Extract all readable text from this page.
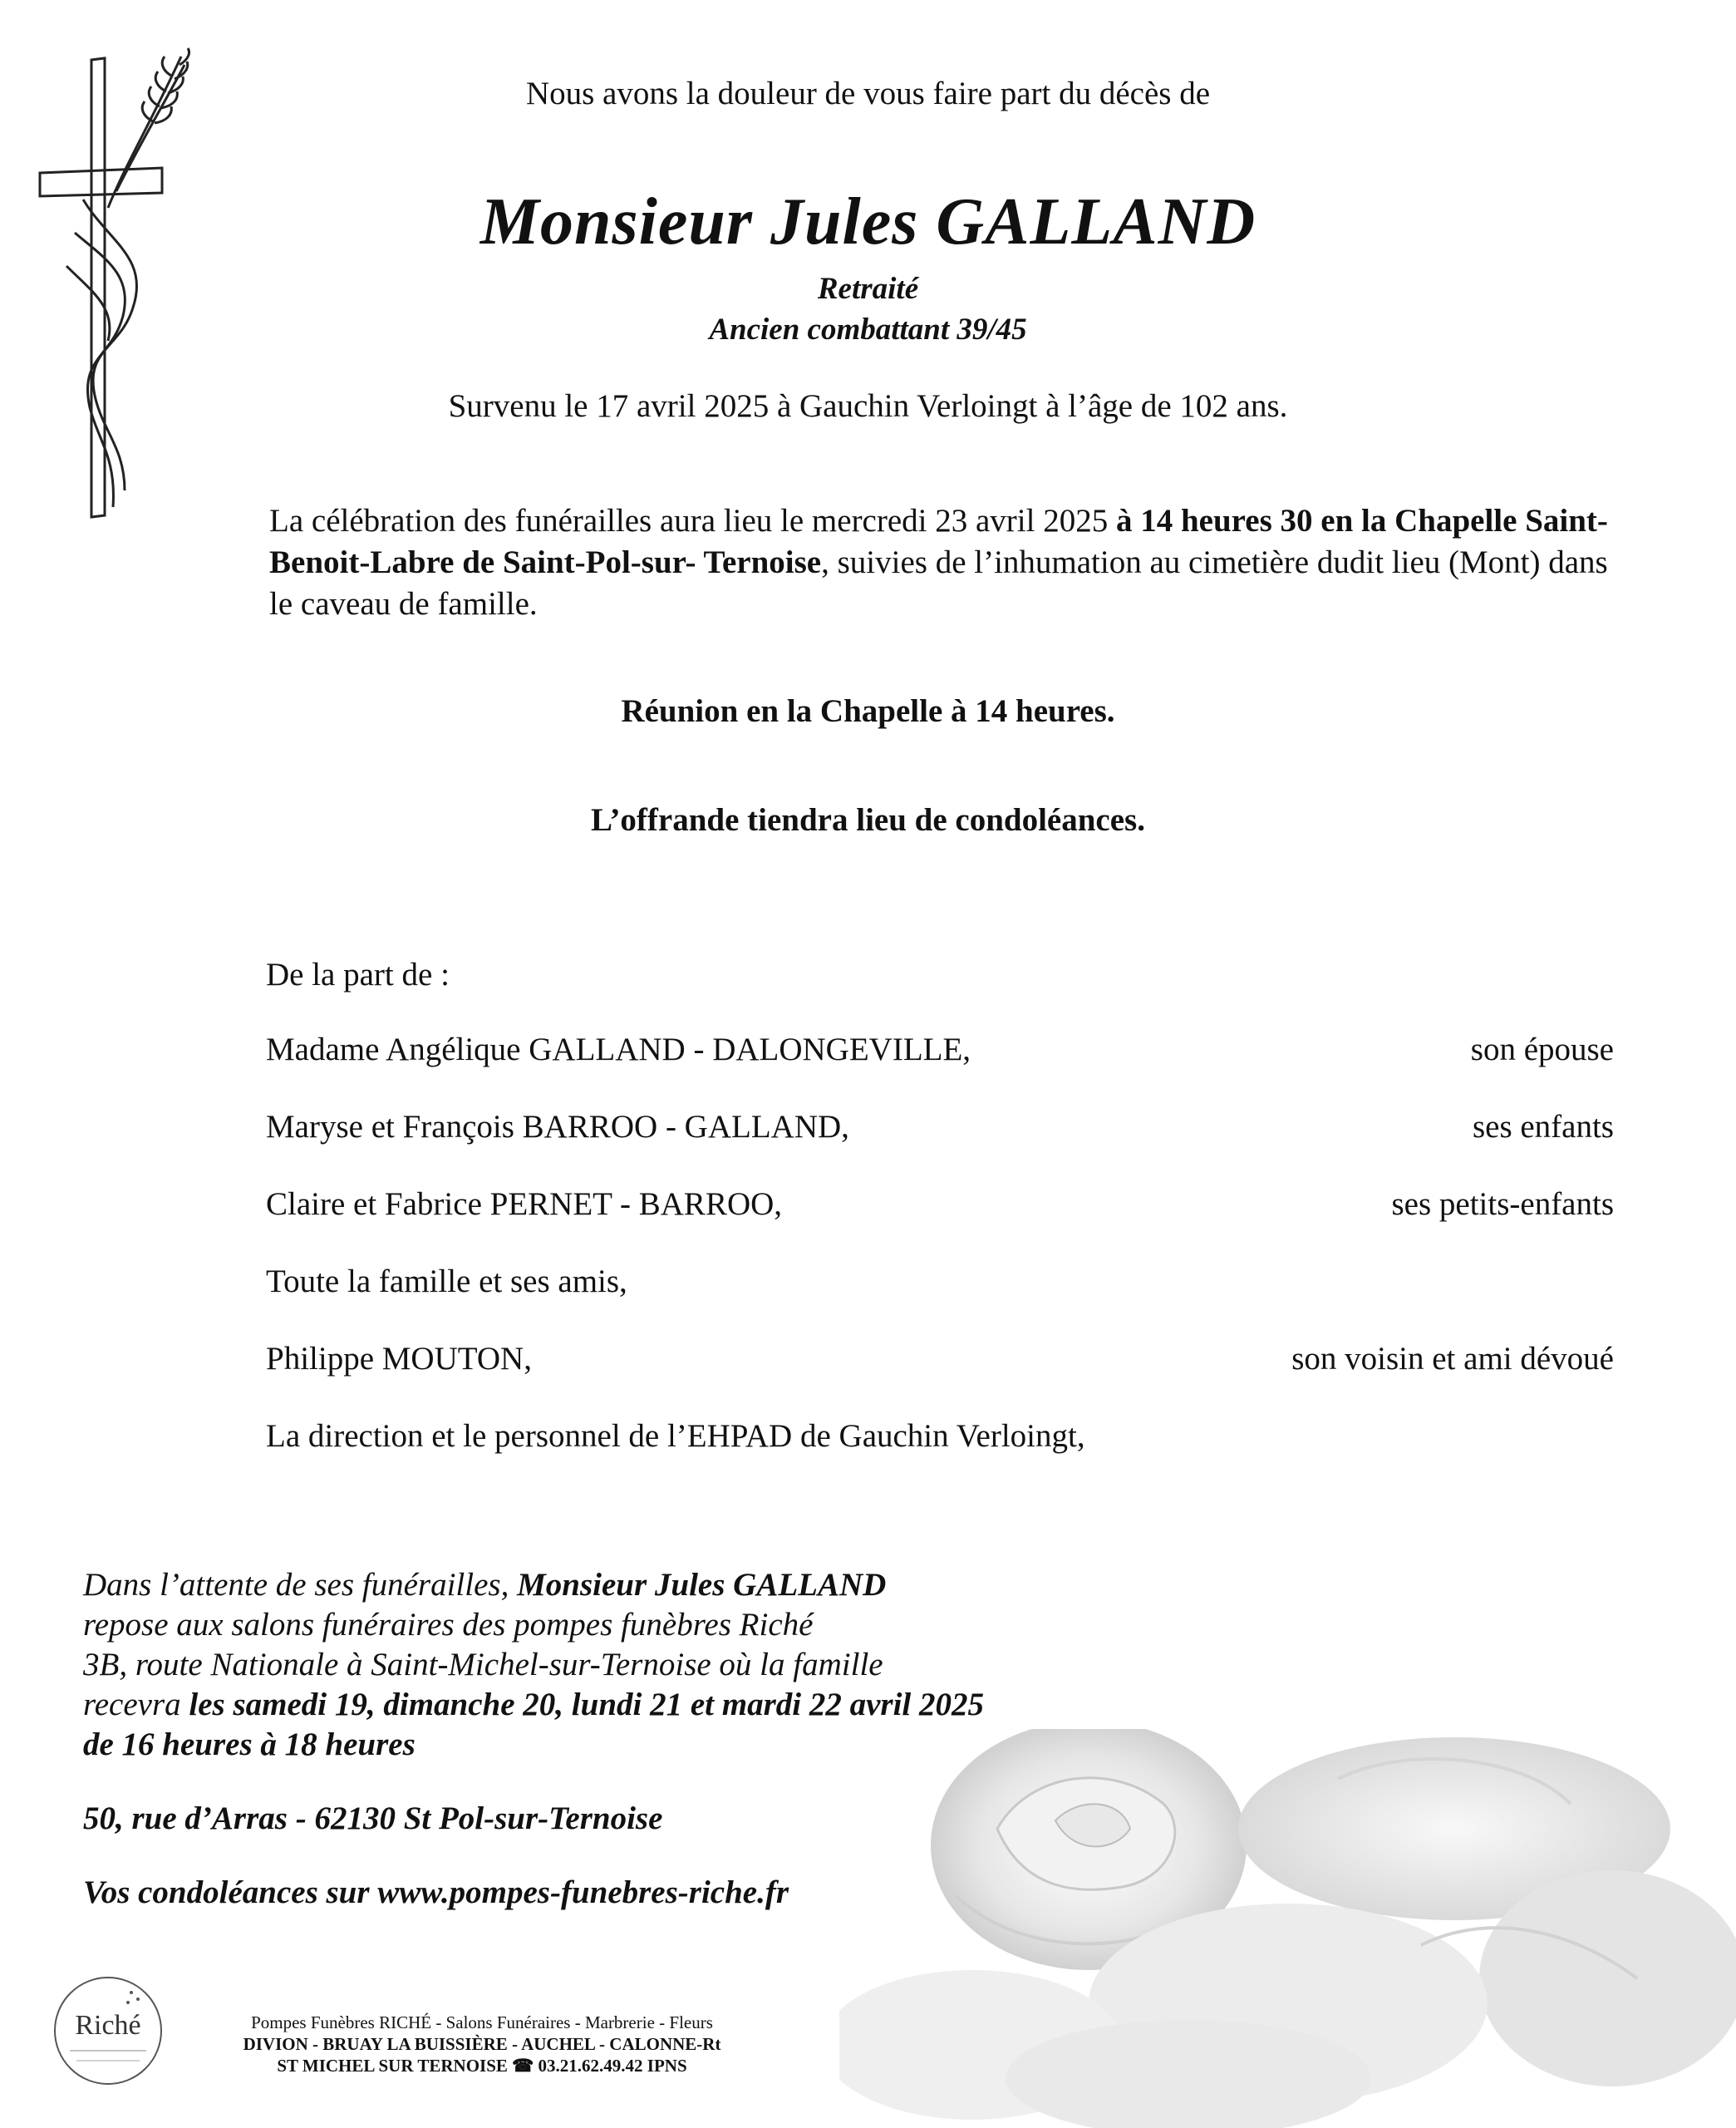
Nous avons la douleur de vous faire part du décès de
Monsieur Jules GALLAND
Retraité
Ancien combattant 39/45
Survenu le 17 avril 2025 à Gauchin Verloingt à l’âge de 102 ans.
La célébration des funérailles aura lieu le mercredi 23 avril 2025 à 14 heures 30 en la Chapelle Saint-Benoit-Labre de Saint-Pol-sur- Ternoise, suivies de l’inhumation au cimetière dudit lieu (Mont) dans le caveau de famille.
Réunion en la Chapelle à 14 heures.
L’offrande tiendra lieu de condoléances.
De la part de :
Madame Angélique GALLAND - DALONGEVILLE,	son épouse
Maryse et François BARROO - GALLAND,	ses enfants
Claire et Fabrice PERNET - BARROO,	ses petits-enfants
Toute la famille et ses amis,
Philippe MOUTON,	son voisin et ami dévoué
La direction et le personnel de l’EHPAD de Gauchin Verloingt,
Dans l’attente de ses funérailles, Monsieur Jules GALLAND
repose aux salons funéraires des pompes funèbres Riché
3B, route Nationale à Saint-Michel-sur-Ternoise où la famille
recevra les samedi 19, dimanche 20, lundi 21 et mardi 22 avril 2025
de 16 heures à 18 heures
50, rue d’Arras - 62130 St Pol-sur-Ternoise
Vos condoléances sur www.pompes-funebres-riche.fr
Riché	Pompes Funèbres RICHÉ - Salons Funéraires - Marbrerie - Fleurs
DIVION - BRUAY LA BUISSIÈRE - AUCHEL - CALONNE-Rt
ST MICHEL SUR TERNOISE ☎ 03.21.62.49.42 IPNS
